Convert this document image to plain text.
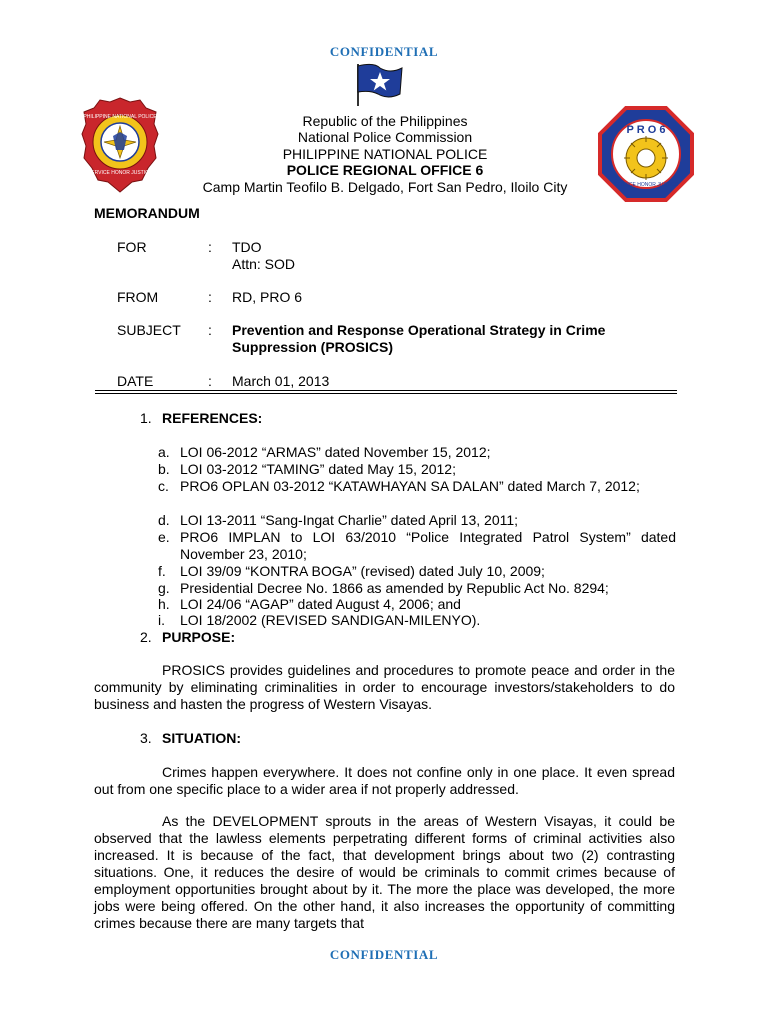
CONFIDENTIAL
PHILIPPINE NATIONAL POLICE
SERVICE HONOR JUSTICE
P R O 6
SERVICE HONOR JUSTICE
Republic of the Philippines
National Police Commission
PHILIPPINE NATIONAL POLICE
POLICE REGIONAL OFFICE 6
Camp Martin Teofilo B. Delgado, Fort San Pedro, Iloilo City
MEMORANDUM
FOR	: TDO
Attn: SOD
FROM	: RD, PRO 6
SUBJECT : Prevention and Response Operational Strategy in Crime
Suppression (PROSICS)
DATE	: March 01, 2013
1. REFERENCES:
a. LOI 06-2012 “ARMAS” dated November 15, 2012;
b. LOI 03-2012 “TAMING” dated May 15, 2012;
c. PRO6 OPLAN 03-2012 “KATAWHAYAN SA DALAN” dated March 7, 2012;
d. LOI 13-2011 “Sang-Ingat Charlie” dated April 13, 2011;
e. PRO6 IMPLAN to LOI 63/2010 “Police Integrated Patrol System” dated November 23, 2010;
f. LOI 39/09 “KONTRA BOGA” (revised) dated July 10, 2009;
g. Presidential Decree No. 1866 as amended by Republic Act No. 8294;
h. LOI 24/06 “AGAP” dated August 4, 2006; and
i. LOI 18/2002 (REVISED SANDIGAN-MILENYO).
2. PURPOSE:
PROSICS provides guidelines and procedures to promote peace and order in the community by eliminating criminalities in order to encourage investors/stakeholders to do business and hasten the progress of Western Visayas.
3. SITUATION:
Crimes happen everywhere. It does not confine only in one place. It even spread out from one specific place to a wider area if not properly addressed.
As the DEVELOPMENT sprouts in the areas of Western Visayas, it could be observed that the lawless elements perpetrating different forms of criminal activities also increased. It is because of the fact, that development brings about two (2) contrasting situations. One, it reduces the desire of would be criminals to commit crimes because of employment opportunities brought about by it. The more the place was developed, the more jobs were being offered. On the other hand, it also increases the opportunity of committing crimes because there are many targets that
CONFIDENTIAL
